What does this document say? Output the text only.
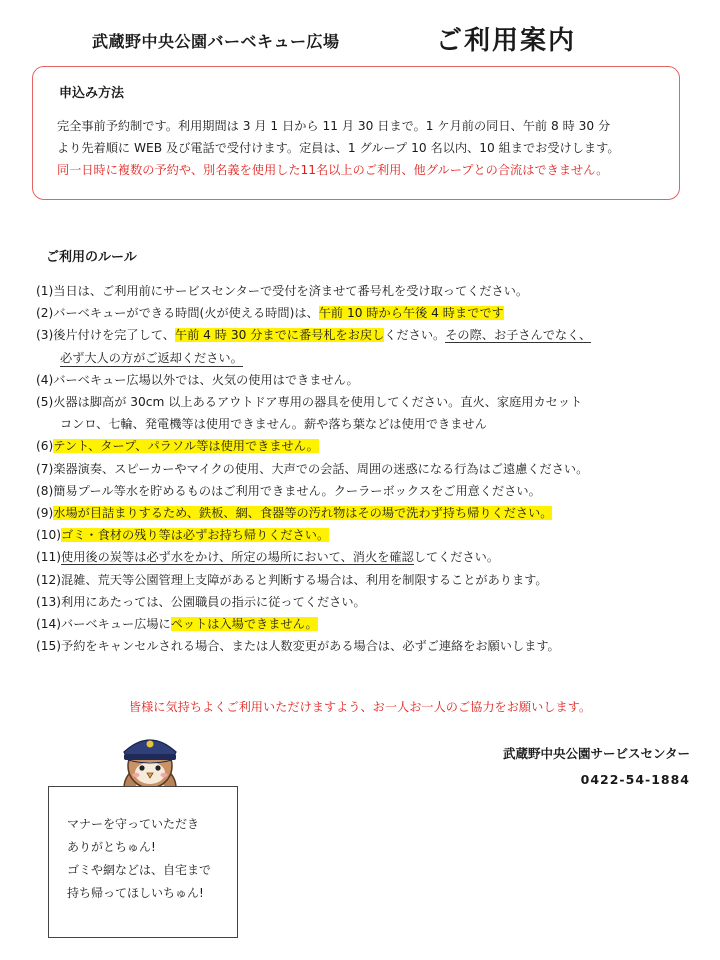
武蔵野中央公園バーベキュー広場	ご利用案内
申込み方法
完全事前予約制です。利用期間は 3 月 1 日から 11 月 30 日まで。1 ケ月前の同日、午前 8 時 30 分
より先着順に WEB 及び電話で受付けます。定員は、1 グループ 10 名以内、10 組までお受けします。
同一日時に複数の予約や、別名義を使用した11名以上のご利用、他グループとの合流はできません。
ご利用のルール
(1)当日は、ご利用前にサービスセンターで受付を済ませて番号札を受け取ってください。
(2)バーベキューができる時間(火が使える時間)は、午前 10 時から午後 4 時までです
(3)後片付けを完了して、午前 4 時 30 分までに番号札をお戻しください。その際、お子さんでなく、
必ず大人の方がご返却ください。
(4)バーベキュー広場以外では、火気の使用はできません。
(5)火器は脚高が 30cm 以上あるアウトドア専用の器具を使用してください。直火、家庭用カセット
コンロ、七輪、発電機等は使用できません。薪や落ち葉などは使用できません
(6)テント、タープ、パラソル等は使用できません。
(7)楽器演奏、スピーカーやマイクの使用、大声での会話、周囲の迷惑になる行為はご遠慮ください。
(8)簡易プール等水を貯めるものはご利用できません。クーラーボックスをご用意ください。
(9)水場が目詰まりするため、鉄板、網、食器等の汚れ物はその場で洗わず持ち帰りください。
(10)ゴミ・食材の残り等は必ずお持ち帰りください。
(11)使用後の炭等は必ず水をかけ、所定の場所において、消火を確認してください。
(12)混雑、荒天等公園管理上支障があると判断する場合は、利用を制限することがあります。
(13)利用にあたっては、公園職員の指示に従ってください。
(14)バーベキュー広場にペットは入場できません。
(15)予約をキャンセルされる場合、または人数変更がある場合は、必ずご連絡をお願いします。
皆様に気持ちよくご利用いただけますよう、お一人お一人のご協力をお願いします。
武蔵野中央公園サービスセンター
0422-54-1884
マナーを守っていただき
ありがとちゅん!
ゴミや網などは、自宅まで
持ち帰ってほしいちゅん!
